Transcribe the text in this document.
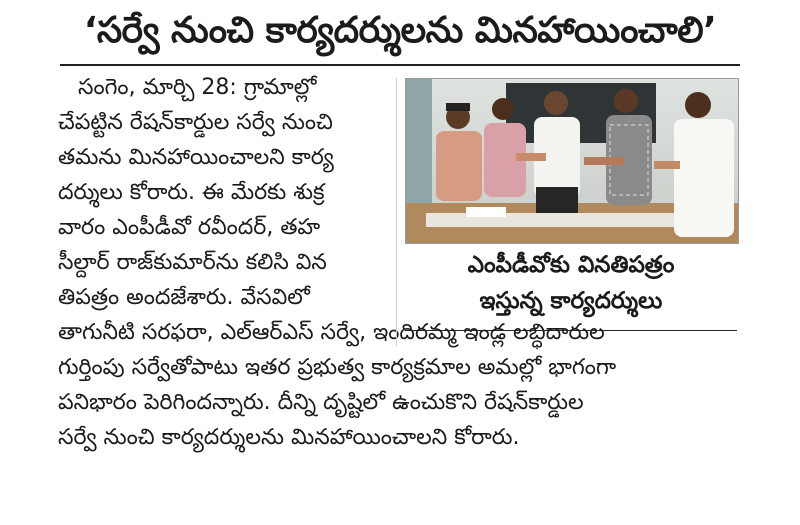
‘సర్వే నుంచి కార్యదర్శులను మినహాయించాలి’
సంగెం, మార్చి 28: గ్రామాల్లో
చేపట్టిన రేషన్‌కార్డుల సర్వే నుంచి
తమను మినహాయించాలని కార్య
దర్శులు కోరారు. ఈ మేరకు శుక్ర
వారం ఎంపీడీవో రవీందర్, తహ
సీల్దార్ రాజ్‌కుమార్‌ను కలిసి విన
తిపత్రం అందజేశారు. వేసవిలో
తాగునీటి సరఫరా, ఎల్‌ఆర్‌ఎస్ సర్వే, ఇందిరమ్మ ఇండ్ల లబ్ధిదారుల
గుర్తింపు సర్వేతోపాటు ఇతర ప్రభుత్వ కార్యక్రమాల అమల్లో భాగంగా
పనిభారం పెరిగిందన్నారు. దీన్ని దృష్టిలో ఉంచుకొని రేషన్‌కార్డుల
సర్వే నుంచి కార్యదర్శులను మినహాయించాలని కోరారు.
ఎంపీడీవోకు వినతిపత్రం
ఇస్తున్న కార్యదర్శులు
